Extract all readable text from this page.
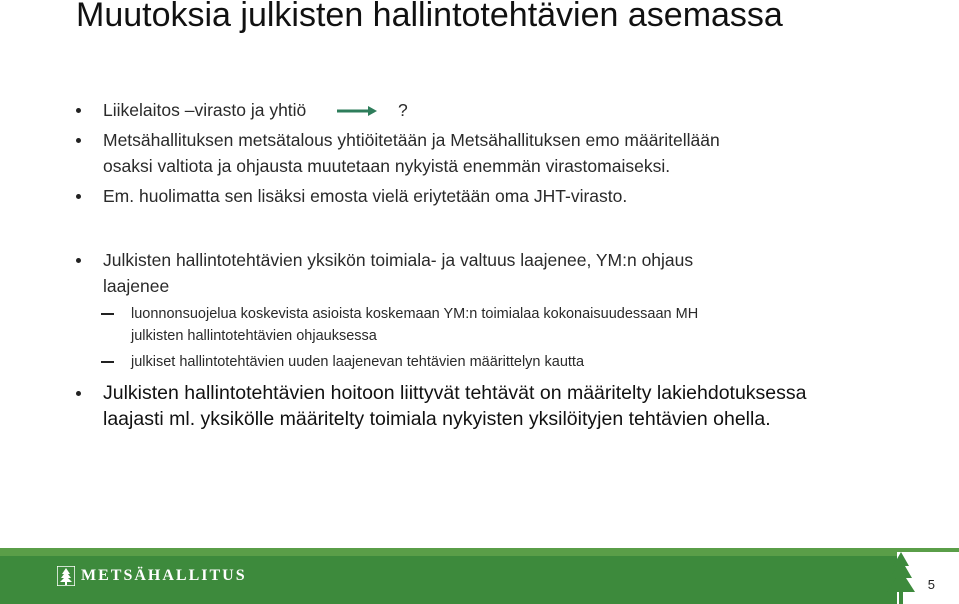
Muutoksia julkisten hallintotehtävien asemassa
Liikelaitos –virasto ja yhtiö	?
Metsähallituksen metsätalous yhtiöitetään ja Metsähallituksen emo määritellään
osaksi valtiota ja ohjausta muutetaan nykyistä enemmän virastomaiseksi.
Em. huolimatta sen lisäksi emosta vielä eriytetään oma JHT-virasto.
Julkisten hallintotehtävien yksikön toimiala- ja valtuus laajenee, YM:n ohjaus
laajenee
luonnonsuojelua koskevista asioista koskemaan YM:n toimialaa kokonaisuudessaan MH
julkisten hallintotehtävien ohjauksessa
julkiset hallintotehtävien uuden laajenevan tehtävien määrittelyn kautta
Julkisten hallintotehtävien hoitoon liittyvät tehtävät on määritelty lakiehdotuksessa
laajasti ml. yksikölle määritelty toimiala nykyisten yksilöityjen tehtävien ohella.
METSÄHALLITUS
5
